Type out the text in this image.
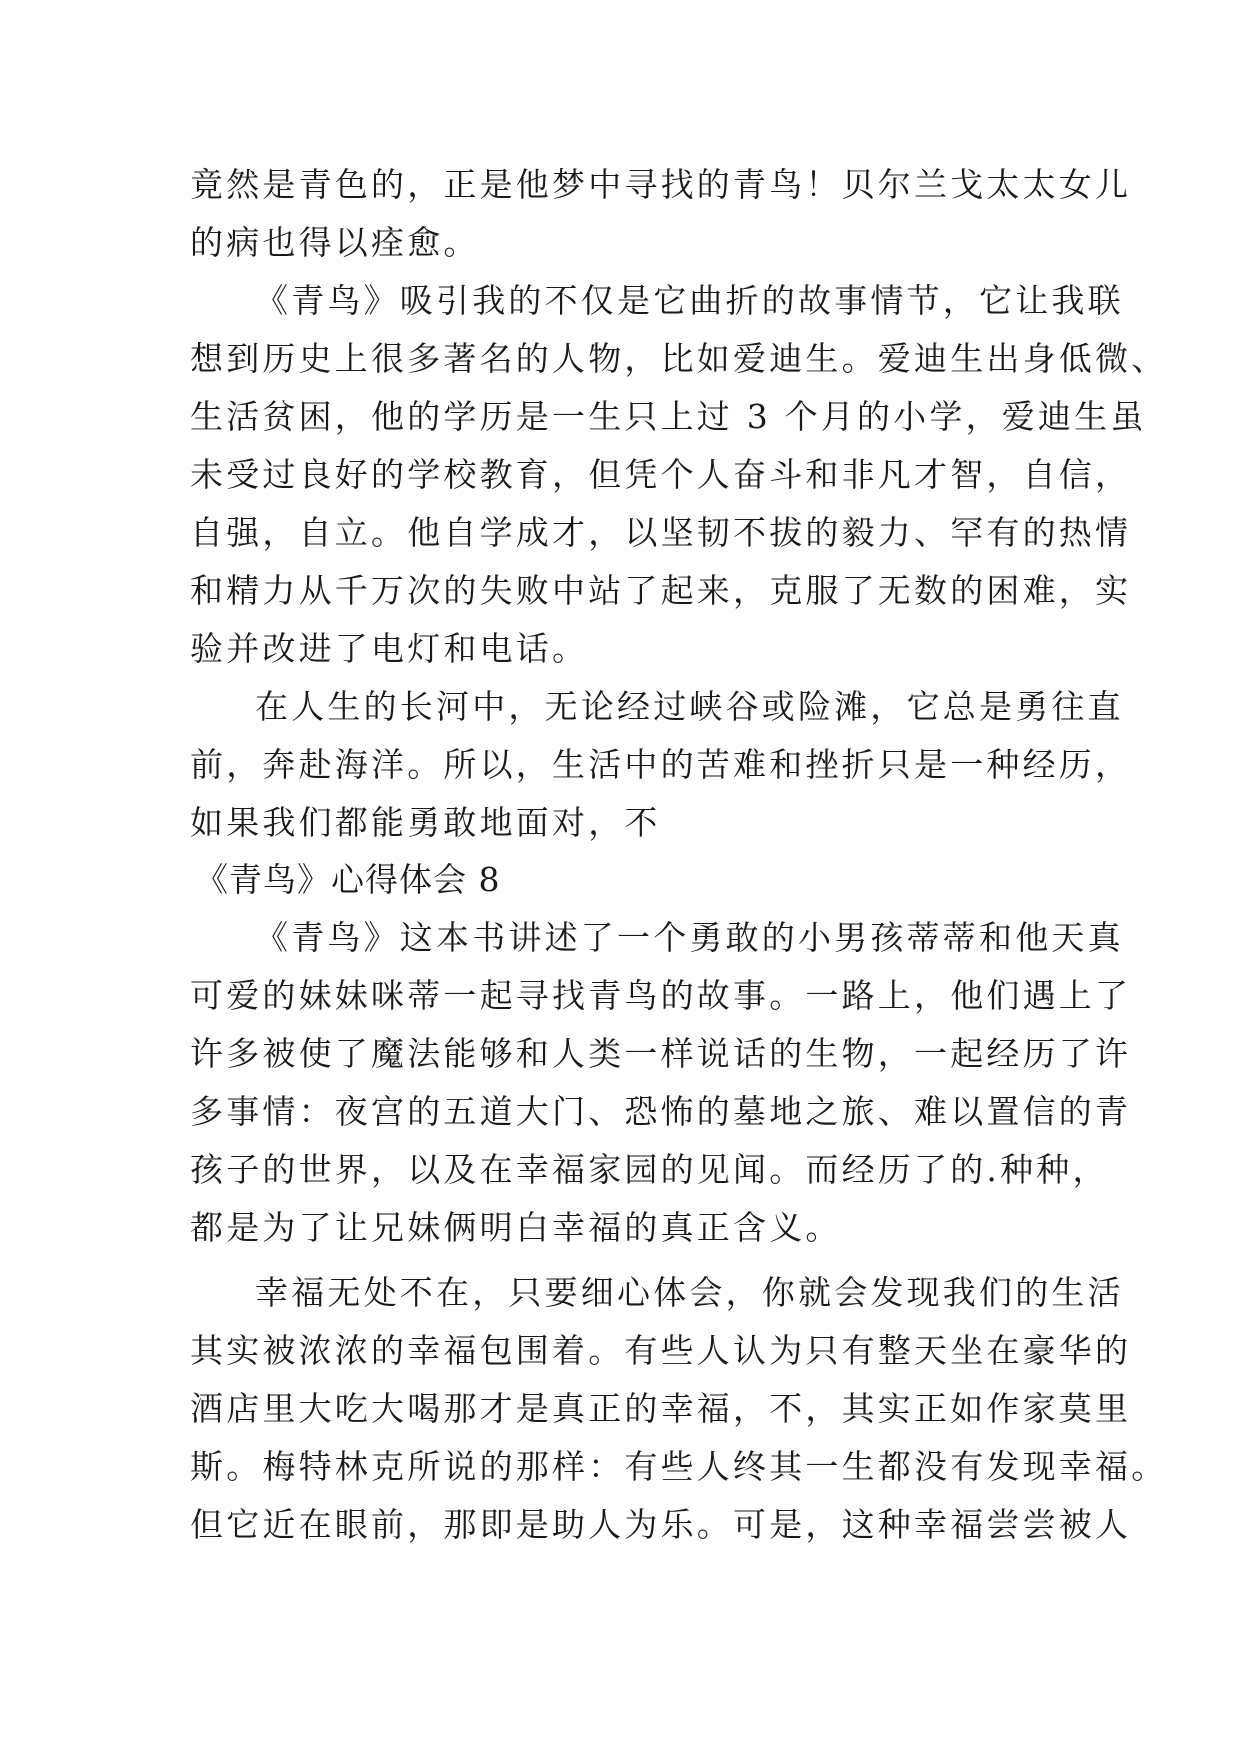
竟然是青色的，正是他梦中寻找的青鸟！贝尔兰戈太太女儿
的病也得以痊愈。
《青鸟》吸引我的不仅是它曲折的故事情节，它让我联
想到历史上很多著名的人物，比如爱迪生。爱迪生出身低微、
生活贫困，他的学历是一生只上过 3 个月的小学，爱迪生虽
未受过良好的学校教育，但凭个人奋斗和非凡才智，自信，
自强，自立。他自学成才，以坚韧不拔的毅力、罕有的热情
和精力从千万次的失败中站了起来，克服了无数的困难，实
验并改进了电灯和电话。
在人生的长河中，无论经过峡谷或险滩，它总是勇往直
前，奔赴海洋。所以，生活中的苦难和挫折只是一种经历，
如果我们都能勇敢地面对，不
《青鸟》心得体会 8
《青鸟》这本书讲述了一个勇敢的小男孩蒂蒂和他天真
可爱的妹妹咪蒂一起寻找青鸟的故事。一路上，他们遇上了
许多被使了魔法能够和人类一样说话的生物，一起经历了许
多事情：夜宫的五道大门、恐怖的墓地之旅、难以置信的青
孩子的世界，以及在幸福家园的见闻。而经历了的.种种，
都是为了让兄妹俩明白幸福的真正含义。
幸福无处不在，只要细心体会，你就会发现我们的生活
其实被浓浓的幸福包围着。有些人认为只有整天坐在豪华的
酒店里大吃大喝那才是真正的幸福，不，其实正如作家莫里
斯。梅特林克所说的那样：有些人终其一生都没有发现幸福。
但它近在眼前，那即是助人为乐。可是，这种幸福尝尝被人
